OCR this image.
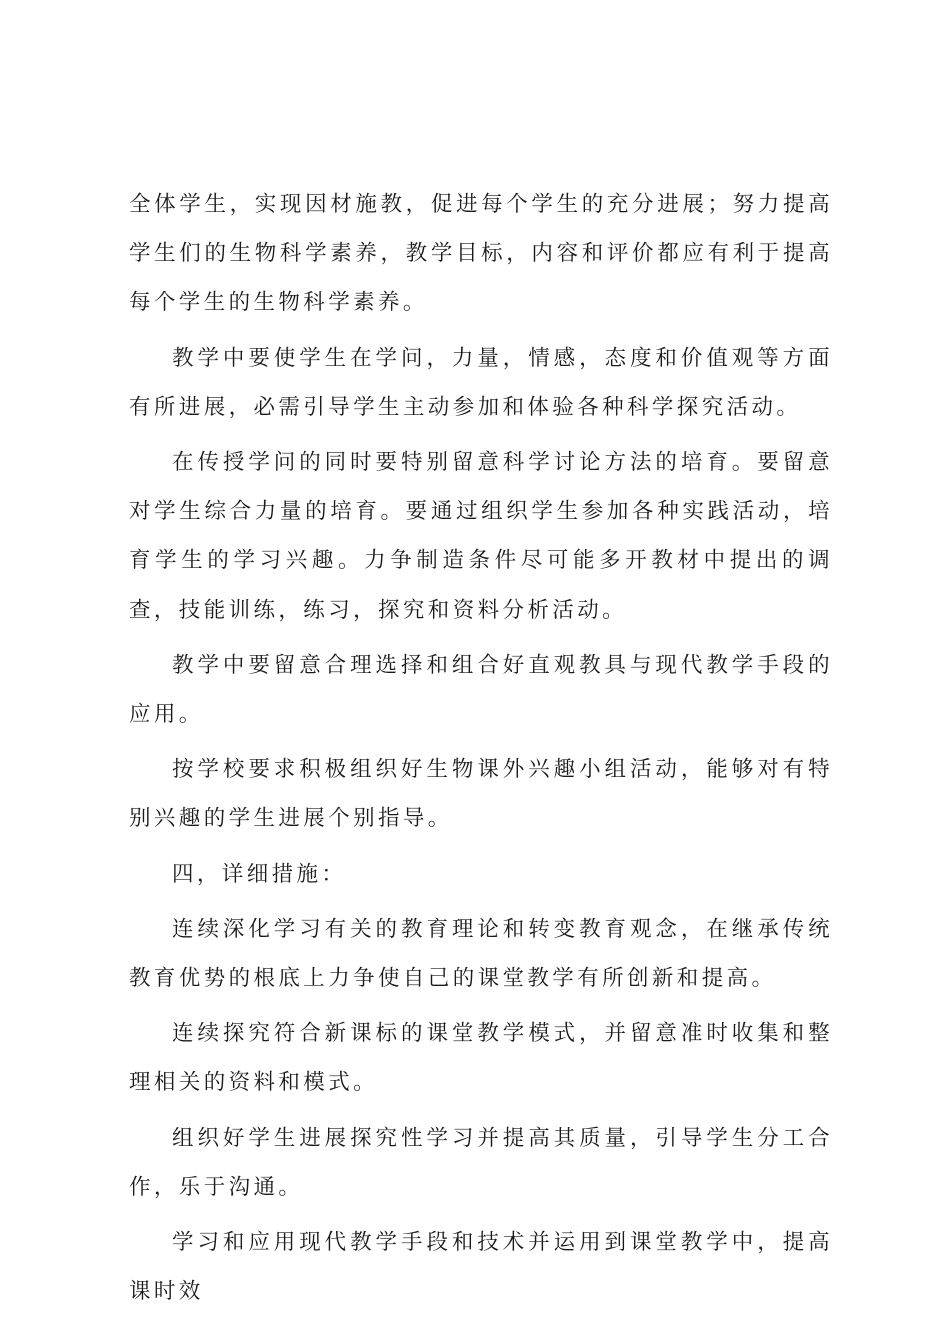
全体学生，实现因材施教，促进每个学生的充分进展；努力提高学生们的生物科学素养，教学目标，内容和评价都应有利于提高每个学生的生物科学素养。

教学中要使学生在学问，力量，情感，态度和价值观等方面有所进展，必需引导学生主动参加和体验各种科学探究活动。

在传授学问的同时要特别留意科学讨论方法的培育。要留意对学生综合力量的培育。要通过组织学生参加各种实践活动，培育学生的学习兴趣。力争制造条件尽可能多开教材中提出的调查，技能训练，练习，探究和资料分析活动。

教学中要留意合理选择和组合好直观教具与现代教学手段的应用。

按学校要求积极组织好生物课外兴趣小组活动，能够对有特别兴趣的学生进展个别指导。

四，详细措施：

连续深化学习有关的教育理论和转变教育观念，在继承传统教育优势的根底上力争使自己的课堂教学有所创新和提高。

连续探究符合新课标的课堂教学模式，并留意准时收集和整理相关的资料和模式。

组织好学生进展探究性学习并提高其质量，引导学生分工合作，乐于沟通。

学习和应用现代教学手段和技术并运用到课堂教学中，提高课时效
